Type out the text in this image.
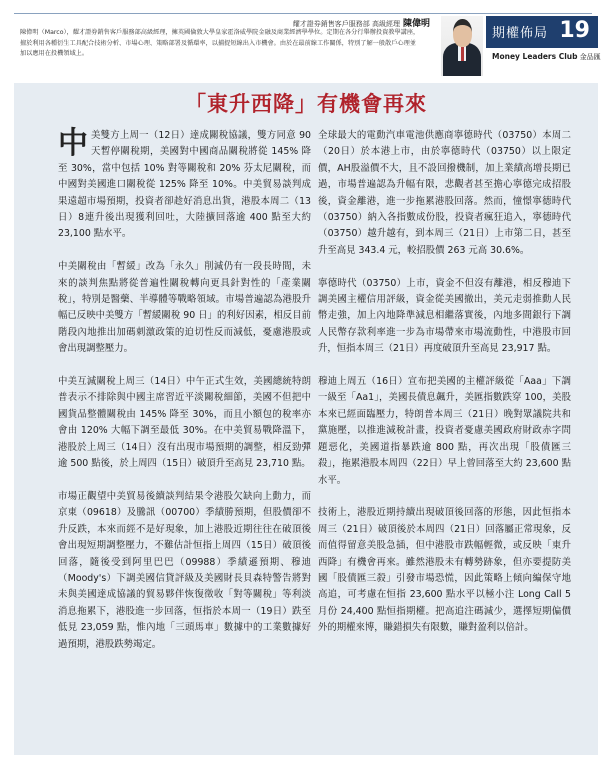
耀才證券銷售客戶服務部 高級經理 陳偉明
陳偉明（Marco），耀才證券銷售客戶服務部高級經理，擁英國倫敦大學皇家霍洛威學院金融及商業經濟學學位。定期在各分行舉辦投資教學講座，擅於利用各種衍生工具配合技術分析、市場心理、策略部署及循環率，以捕捉短線出入市機會。由於在最前線工作關係，特別了解一般散戶心理並加以應用在投機領域上。
期權佈局 19
Money Leaders Club 金品匯
「東升西降」有機會再來

中美雙方上周一（12日）達成關稅協議，雙方同意 90 天暫停關稅期，美國對中國商品關稅將從 145% 降至 30%，當中包括 10% 對等關稅和 20% 芬太尼關稅，而中國對美國進口關稅從 125% 降至 10%。中美貿易談判成果遠超市場預期，投資者卻趁好消息出貨，港股本周二（13日）8連升後出現獲利回吐，大陸擴回落逾 400 點至大約 23,100 點水平。

中美關稅由「暫緩」改為「永久」削減仍有一段長時間，未來的談判焦點將從普遍性關稅轉向更具針對性的「產業關稅」，特別是醫藥、半導體等戰略領域。市場普遍認為港股升幅已反映中美雙方「暫緩關稅 90 日」的利好因素，相反目前階段內地推出加碼刺激政策的迫切性反而減低，憂慮港股或會出現調整壓力。

中美互減關稅上周三（14日）中午正式生效，美國總統特朗普表示不排除與中國主席習近平淡關稅細節，美國不但把中國貨品整體關稅由 145% 降至 30%，而且小額包的稅率亦會由 120% 大幅下調至最低 30%。在中美貿易戰降溫下，港股於上周三（14日）沒有出現市場預期的調整，相反勁彈逾 500 點後，於上周四（15日）破頂升至高見 23,710 點。

市場正觀望中美貿易後續談判結果令港股欠缺向上動力，而京東（09618）及騰訊（00700）季績勝預期，但股價卻不升反跌，本來而經不是好現象，加上港股近期往往在破頂後會出現短期調整壓力，不難估計恒指上周四（15日）破頂後回落，隨後受到阿里巴巴（09988）季績遜預期、穆迪（Moody's）下調美國信貸評級及美國財長貝森特警告將對未與美國達成協議的貿易夥伴恢復徵收「對等關稅」等利淡消息拖累下，港股進一步回落，恒指於本周一（19日）跌至低見 23,059 點，惟內地「三頭馬車」數據中的工業數據好過預期，港股跌勢竭定。

全球最大的電動汽車電池供應商寧德時代（03750）本周二（20日）於本港上市，由於寧德時代（03750）以上限定價，AH股溢價不大，且不設回撥機制，加上業績高增長期已過，市場普遍認為升幅有限，悲觀者甚至擔心寧德完成招股後，資金離港，進一步拖累港股回落。然而，憧憬寧德時代（03750）納入各指數成份股，投資者瘋狂追入，寧德時代（03750）越升越有，到本周三（21日）上市第二日，甚至升至高見 343.4 元，較招股價 263 元高 30.6%。

寧德時代（03750）上市，資金不但沒有離港，相反穆迪下調美國主權信用評級，資金從美國撤出，美元走弱推動人民幣走強，加上內地降準減息相繼落實後，內地多間銀行下調人民幣存款利率進一步為市場帶來市場流動性，中港股市回升，恒指本周三（21日）再度破頂升至高見 23,917 點。

穆迪上周五（16日）宣布把美國的主權評級從「Aaa」下調一級至「Aa1」，美國長債息飆升，美匯指數跌穿 100，美股本來已經面臨壓力，特朗普本周三（21日）晚對眾議院共和黨施壓，以推進減稅計畫，投資者憂慮美國政府財政赤字問題惡化，美國道指暴跌逾 800 點，再次出現「股債匯三殺」，拖累港股本周四（22日）早上曾回落至大約 23,600 點水平。

技術上，港股近期持續出現破頂後回落的形態，因此恒指本周三（21日）破頂後於本周四（21日）回落屬正常現象，反而值得留意美股急插，但中港股市跌幅輕微，或反映「東升西降」有機會再來。雖然港股未有轉勢跡象，但亦要提防美國「股債匯三殺」引發市場恐慌，因此策略上傾向編保守地高追，可考慮在恒指 23,600 點水平以極小注 Long Call 5月份 24,400 點恒指期權。把高追注碼減少，選擇短期偏價外的期權來博，賺錯損失有限數，賺對盈利以倍計。
